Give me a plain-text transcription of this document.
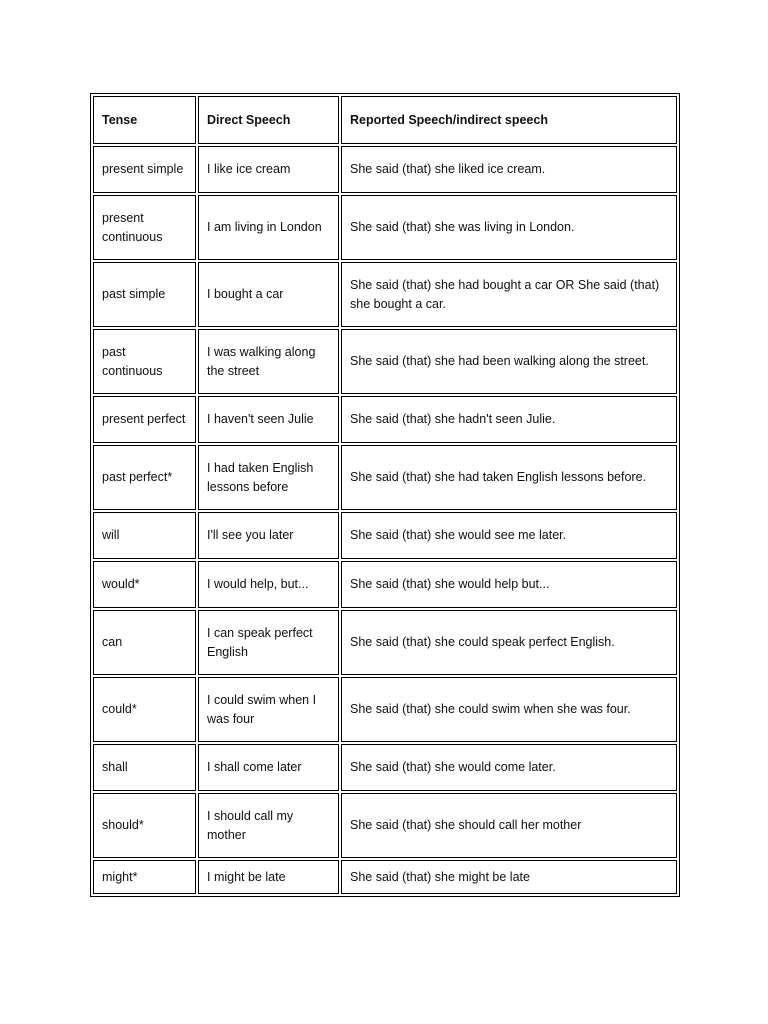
Tense	Direct Speech	Reported Speech/indirect speech
present simple	I like ice cream	She said (that) she liked ice cream.
present continuous	I am living in London	She said (that) she was living in London.
past simple	I bought a car	She said (that) she had bought a car OR She said (that) she bought a car.
past continuous	I was walking along the street	She said (that) she had been walking along the street.
present perfect	I haven't seen Julie	She said (that) she hadn't seen Julie.
past perfect*	I had taken English lessons before	She said (that) she had taken English lessons before.
will	I'll see you later	She said (that) she would see me later.
would*	I would help, but...	She said (that) she would help but...
can	I can speak perfect English	She said (that) she could speak perfect English.
could*	I could swim when I was four	She said (that) she could swim when she was four.
shall	I shall come later	She said (that) she would come later.
should*	I should call my mother	She said (that) she should call her mother
might*	I might be late	She said (that) she might be late
